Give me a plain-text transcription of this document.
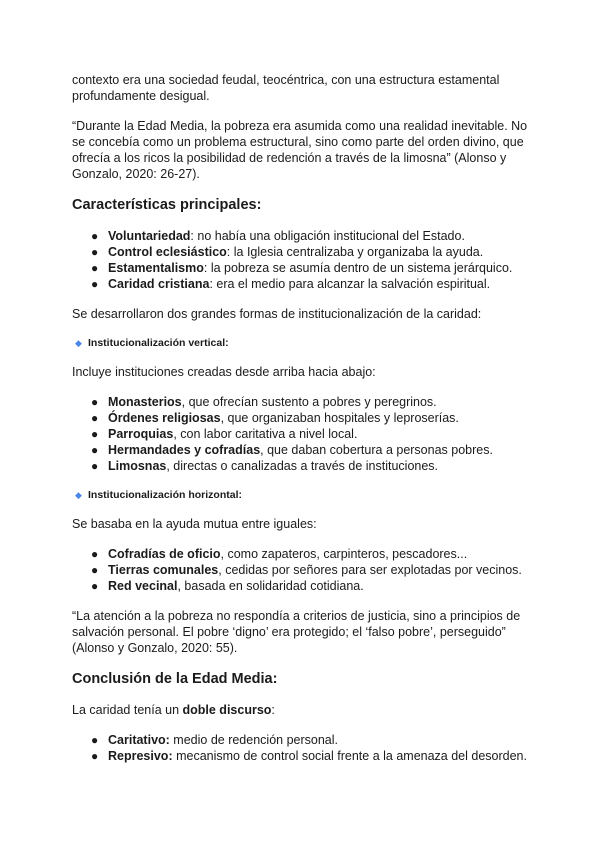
contexto era una sociedad feudal, teocéntrica, con una estructura estamental profundamente desigual.

“Durante la Edad Media, la pobreza era asumida como una realidad inevitable. No se concebía como un problema estructural, sino como parte del orden divino, que ofrecía a los ricos la posibilidad de redención a través de la limosna” (Alonso y Gonzalo, 2020: 26-27).

Características principales:
● Voluntariedad: no había una obligación institucional del Estado.
● Control eclesiástico: la Iglesia centralizaba y organizaba la ayuda.
● Estamentalismo: la pobreza se asumía dentro de un sistema jerárquico.
● Caridad cristiana: era el medio para alcanzar la salvación espiritual.

Se desarrollaron dos grandes formas de institucionalización de la caridad:

◆ Institucionalización vertical:

Incluye instituciones creadas desde arriba hacia abajo:

● Monasterios, que ofrecían sustento a pobres y peregrinos.
● Órdenes religiosas, que organizaban hospitales y leproserías.
● Parroquias, con labor caritativa a nivel local.
● Hermandades y cofradías, que daban cobertura a personas pobres.
● Limosnas, directas o canalizadas a través de instituciones.
◆ Institucionalización horizontal:

Se basaba en la ayuda mutua entre iguales:

● Cofradías de oficio, como zapateros, carpinteros, pescadores...
● Tierras comunales, cedidas por señores para ser explotadas por vecinos.
● Red vecinal, basada en solidaridad cotidiana.

“La atención a la pobreza no respondía a criterios de justicia, sino a principios de salvación personal. El pobre ‘digno’ era protegido; el ‘falso pobre’, perseguido” (Alonso y Gonzalo, 2020: 55).

Conclusión de la Edad Media:

La caridad tenía un doble discurso:

● Caritativo: medio de redención personal.
● Represivo: mecanismo de control social frente a la amenaza del desorden.
